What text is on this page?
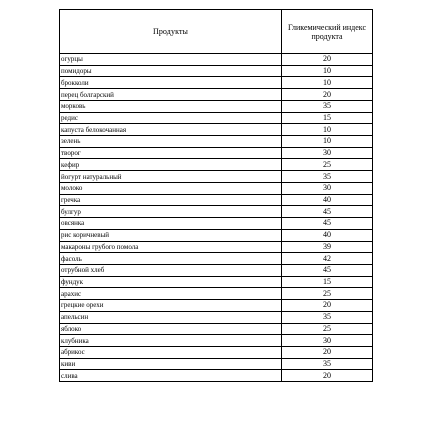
Продукты	Гликемический индекс продукта
огурцы	20
помидоры	10
брокколи	10
перец болгарский	20
морковь	35
редис	15
капуста белокочанная	10
зелень	10
творог	30
кефир	25
йогурт натуральный	35
молоко	30
гречка	40
булгур	45
овсянка	45
рис коричневый	40
макароны грубого помола	39
фасоль	42
отрубной хлеб	45
фундук	15
арахис	25
грецкие орехи	20
апельсин	35
яблоко	25
клубника	30
абрикос	20
киви	35
слива	20
